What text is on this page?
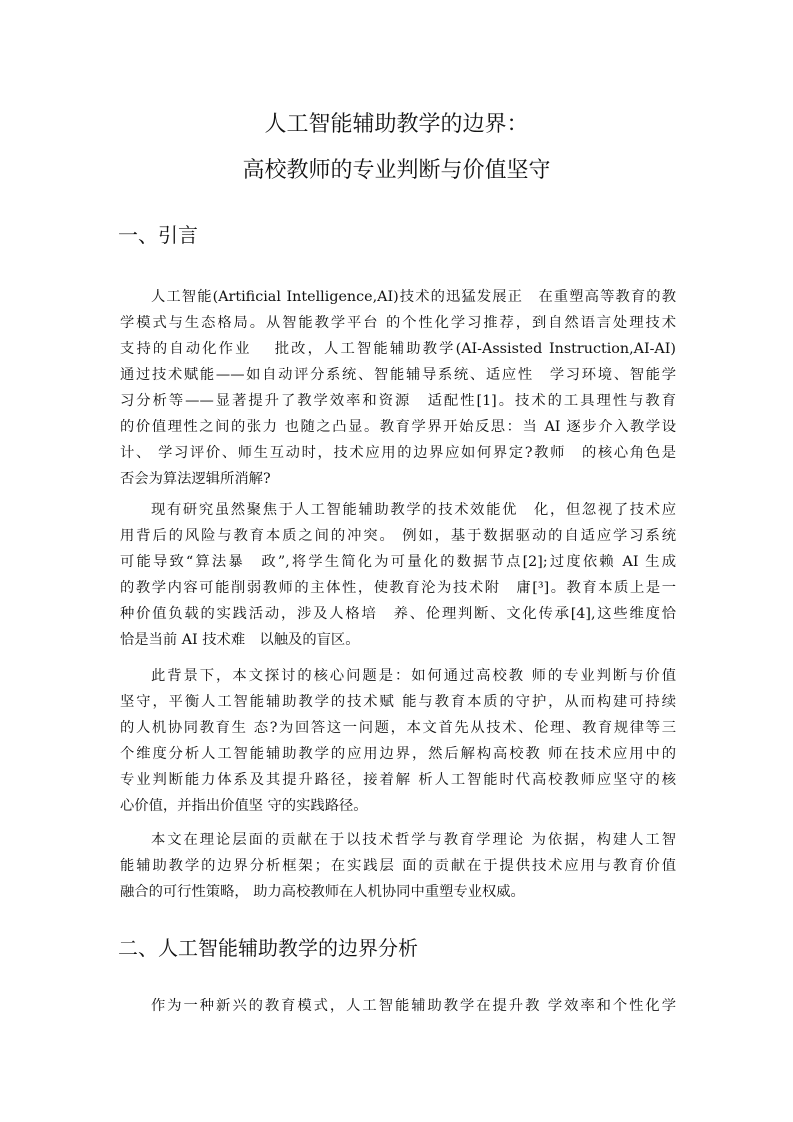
人工智能辅助教学的边界：
高校教师的专业判断与价值坚守
一、引言
人工智能(Artificial Intelligence,AI)技术的迅猛发展正　在重塑高等教育的教
学模式与生态格局。从智能教学平台 的个性化学习推荐，到自然语言处理技术
支持的自动化作业　 批改，人工智能辅助教学(AI-Assisted Instruction,AI-AI)
通过技术赋能——如自动评分系统、智能辅导系统、适应性　学习环境、智能学
习分析等——显著提升了教学效率和资源　适配性[1]。技术的工具理性与教育
的价值理性之间的张力 也随之凸显。教育学界开始反思：当 AI 逐步介入教学设
计、 学习评价、师生互动时，技术应用的边界应如何界定?教师　的核心角色是
否会为算法逻辑所消解?
现有研究虽然聚焦于人工智能辅助教学的技术效能优　化，但忽视了技术应
用背后的风险与教育本质之间的冲突。 例如，基于数据驱动的自适应学习系统
可能导致“算法暴　政”,将学生简化为可量化的数据节点[2];过度依赖 AI 生成
的教学内容可能削弱教师的主体性，使教育沦为技术附　庸[³]。教育本质上是一
种价值负载的实践活动，涉及人格培　养、伦理判断、文化传承[4],这些维度恰
恰是当前 AI 技术难　以触及的盲区。
此背景下，本文探讨的核心问题是：如何通过高校教 师的专业判断与价值
坚守，平衡人工智能辅助教学的技术赋 能与教育本质的守护，从而构建可持续
的人机协同教育生 态?为回答这一问题，本文首先从技术、伦理、教育规律等三
个维度分析人工智能辅助教学的应用边界，然后解构高校教 师在技术应用中的
专业判断能力体系及其提升路径，接着解 析人工智能时代高校教师应坚守的核
心价值，并指出价值坚 守的实践路径。
本文在理论层面的贡献在于以技术哲学与教育学理论 为依据，构建人工智
能辅助教学的边界分析框架；在实践层 面的贡献在于提供技术应用与教育价值
融合的可行性策略， 助力高校教师在人机协同中重塑专业权威。
二、人工智能辅助教学的边界分析
作为一种新兴的教育模式，人工智能辅助教学在提升教 学效率和个性化学
